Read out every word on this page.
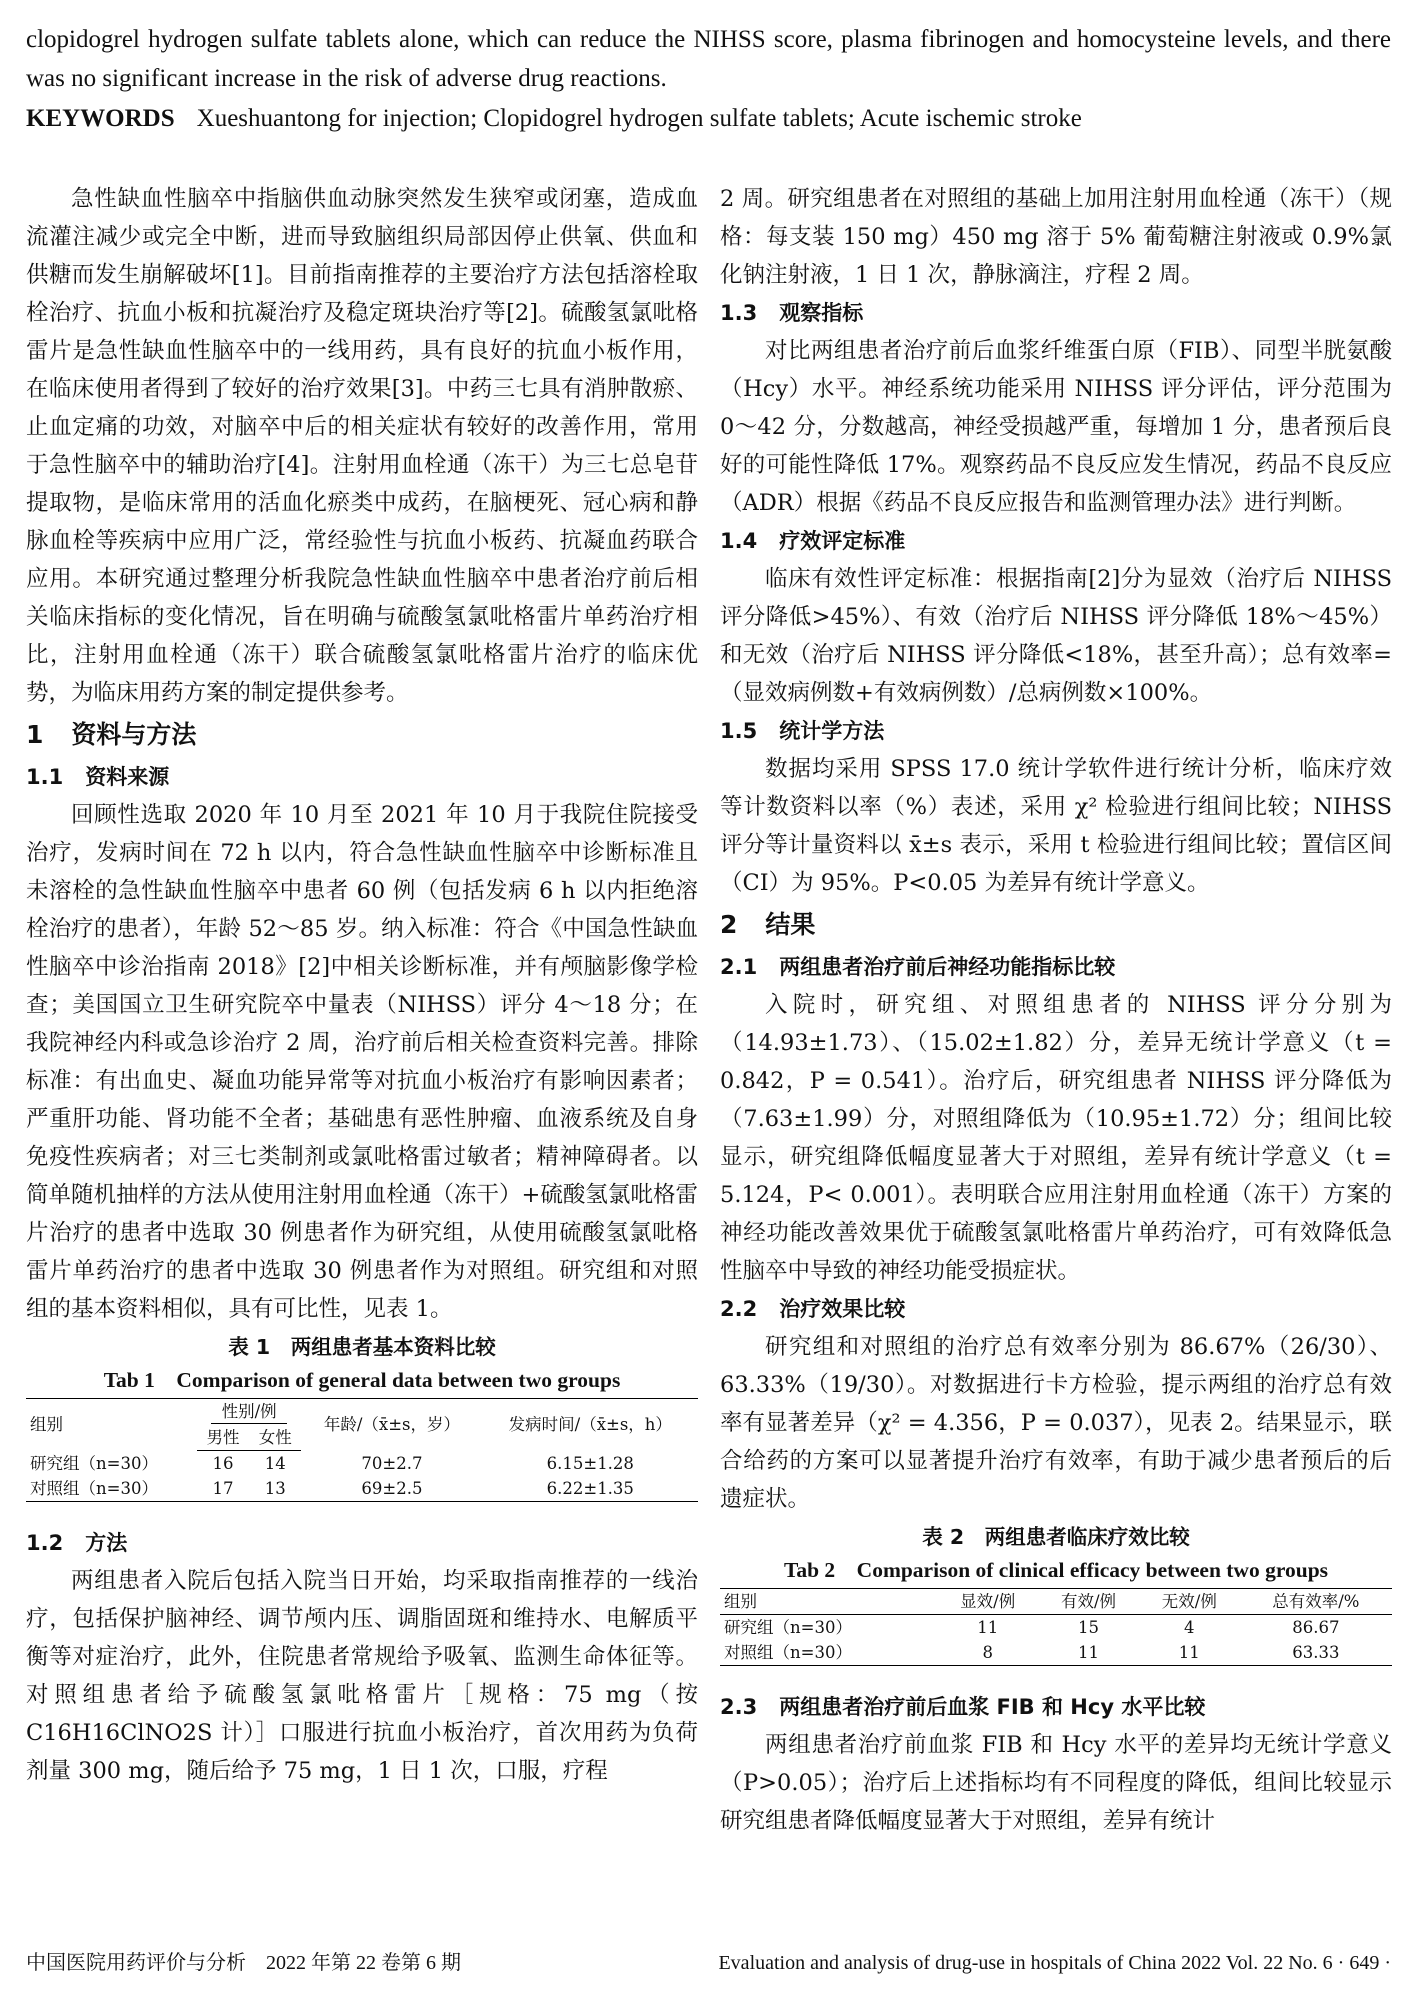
clopidogrel hydrogen sulfate tablets alone, which can reduce the NIHSS score, plasma fibrinogen and homocysteine levels, and there was no significant increase in the risk of adverse drug reactions.

KEYWORDS Xueshuantong for injection; Clopidogrel hydrogen sulfate tablets; Acute ischemic stroke

急性缺血性脑卒中指脑供血动脉突然发生狭窄或闭塞，造成血流灌注减少或完全中断，进而导致脑组织局部因停止供氧、供血和供糖而发生崩解破坏[1]。目前指南推荐的主要治疗方法包括溶栓取栓治疗、抗血小板和抗凝治疗及稳定斑块治疗等[2]。硫酸氢氯吡格雷片是急性缺血性脑卒中的一线用药，具有良好的抗血小板作用，在临床使用者得到了较好的治疗效果[3]。中药三七具有消肿散瘀、止血定痛的功效，对脑卒中后的相关症状有较好的改善作用，常用于急性脑卒中的辅助治疗[4]。注射用血栓通（冻干）为三七总皂苷提取物，是临床常用的活血化瘀类中成药，在脑梗死、冠心病和静脉血栓等疾病中应用广泛，常经验性与抗血小板药、抗凝血药联合应用。本研究通过整理分析我院急性缺血性脑卒中患者治疗前后相关临床指标的变化情况，旨在明确与硫酸氢氯吡格雷片单药治疗相比，注射用血栓通（冻干）联合硫酸氢氯吡格雷片治疗的临床优势，为临床用药方案的制定提供参考。

1 资料与方法
1.1 资料来源

回顾性选取 2020 年 10 月至 2021 年 10 月于我院住院接受治疗，发病时间在 72 h 以内，符合急性缺血性脑卒中诊断标准且未溶栓的急性缺血性脑卒中患者 60 例（包括发病 6 h 以内拒绝溶栓治疗的患者），年龄 52～85 岁。纳入标准：符合《中国急性缺血性脑卒中诊治指南 2018》[2]中相关诊断标准，并有颅脑影像学检查；美国国立卫生研究院卒中量表（NIHSS）评分 4～18 分；在我院神经内科或急诊治疗 2 周，治疗前后相关检查资料完善。排除标准：有出血史、凝血功能异常等对抗血小板治疗有影响因素者；严重肝功能、肾功能不全者；基础患有恶性肿瘤、血液系统及自身免疫性疾病者；对三七类制剂或氯吡格雷过敏者；精神障碍者。以简单随机抽样的方法从使用注射用血栓通（冻干）+硫酸氢氯吡格雷片治疗的患者中选取 30 例患者作为研究组，从使用硫酸氢氯吡格雷片单药治疗的患者中选取 30 例患者作为对照组。研究组和对照组的基本资料相似，具有可比性，见表 1。

表 1　两组患者基本资料比较
Tab 1　Comparison of general data between two groups
组别	性别/例		年龄/（x̄±s，岁）	发病时间/（x̄±s，h）
	男性	女性		
研究组（n=30）	16	14	70±2.7	6.15±1.28
对照组（n=30）	17	13	69±2.5	6.22±1.35
1.2 方法

两组患者入院后包括入院当日开始，均采取指南推荐的一线治疗，包括保护脑神经、调节颅内压、调脂固斑和维持水、电解质平衡等对症治疗，此外，住院患者常规给予吸氧、监测生命体征等。对照组患者给予硫酸氢氯吡格雷片［规格：75 mg（按 C16H16ClNO2S 计）］口服进行抗血小板治疗，首次用药为负荷剂量 300 mg，随后给予 75 mg，1 日 1 次，口服，疗程

2 周。研究组患者在对照组的基础上加用注射用血栓通（冻干）（规格：每支装 150 mg）450 mg 溶于 5% 葡萄糖注射液或 0.9%氯化钠注射液，1 日 1 次，静脉滴注，疗程 2 周。

1.3 观察指标

对比两组患者治疗前后血浆纤维蛋白原（FIB）、同型半胱氨酸（Hcy）水平。神经系统功能采用 NIHSS 评分评估，评分范围为 0～42 分，分数越高，神经受损越严重，每增加 1 分，患者预后良好的可能性降低 17%。观察药品不良反应发生情况，药品不良反应（ADR）根据《药品不良反应报告和监测管理办法》进行判断。

1.4 疗效评定标准

临床有效性评定标准：根据指南[2]分为显效（治疗后 NIHSS 评分降低>45%）、有效（治疗后 NIHSS 评分降低 18%～45%）和无效（治疗后 NIHSS 评分降低<18%，甚至升高）；总有效率=（显效病例数+有效病例数）/总病例数×100%。

1.5 统计学方法

数据均采用 SPSS 17.0 统计学软件进行统计分析，临床疗效等计数资料以率（%）表述，采用 χ² 检验进行组间比较；NIHSS 评分等计量资料以 x̄±s 表示，采用 t 检验进行组间比较；置信区间（CI）为 95%。P<0.05 为差异有统计学意义。

2 结果
2.1 两组患者治疗前后神经功能指标比较

入院时，研究组、对照组患者的 NIHSS 评分分别为（14.93±1.73）、（15.02±1.82）分，差异无统计学意义（t = 0.842，P = 0.541）。治疗后，研究组患者 NIHSS 评分降低为（7.63±1.99）分，对照组降低为（10.95±1.72）分；组间比较显示，研究组降低幅度显著大于对照组，差异有统计学意义（t = 5.124，P< 0.001）。表明联合应用注射用血栓通（冻干）方案的神经功能改善效果优于硫酸氢氯吡格雷片单药治疗，可有效降低急性脑卒中导致的神经功能受损症状。

2.2 治疗效果比较

研究组和对照组的治疗总有效率分别为 86.67%（26/30）、63.33%（19/30）。对数据进行卡方检验，提示两组的治疗总有效率有显著差异（χ² = 4.356，P = 0.037），见表 2。结果显示，联合给药的方案可以显著提升治疗有效率，有助于减少患者预后的后遗症状。

表 2　两组患者临床疗效比较
Tab 2　Comparison of clinical efficacy between two groups
组别	显效/例	有效/例	无效/例	总有效率/%
研究组（n=30）	11	15	4	86.67
对照组（n=30）	8	11	11	63.33
2.3 两组患者治疗前后血浆 FIB 和 Hcy 水平比较

两组患者治疗前血浆 FIB 和 Hcy 水平的差异均无统计学意义（P>0.05）；治疗后上述指标均有不同程度的降低，组间比较显示研究组患者降低幅度显著大于对照组，差异有统计

中国医院用药评价与分析　2022 年第 22 卷第 6 期	Evaluation and analysis of drug-use in hospitals of China 2022 Vol. 22 No. 6 · 649 ·
